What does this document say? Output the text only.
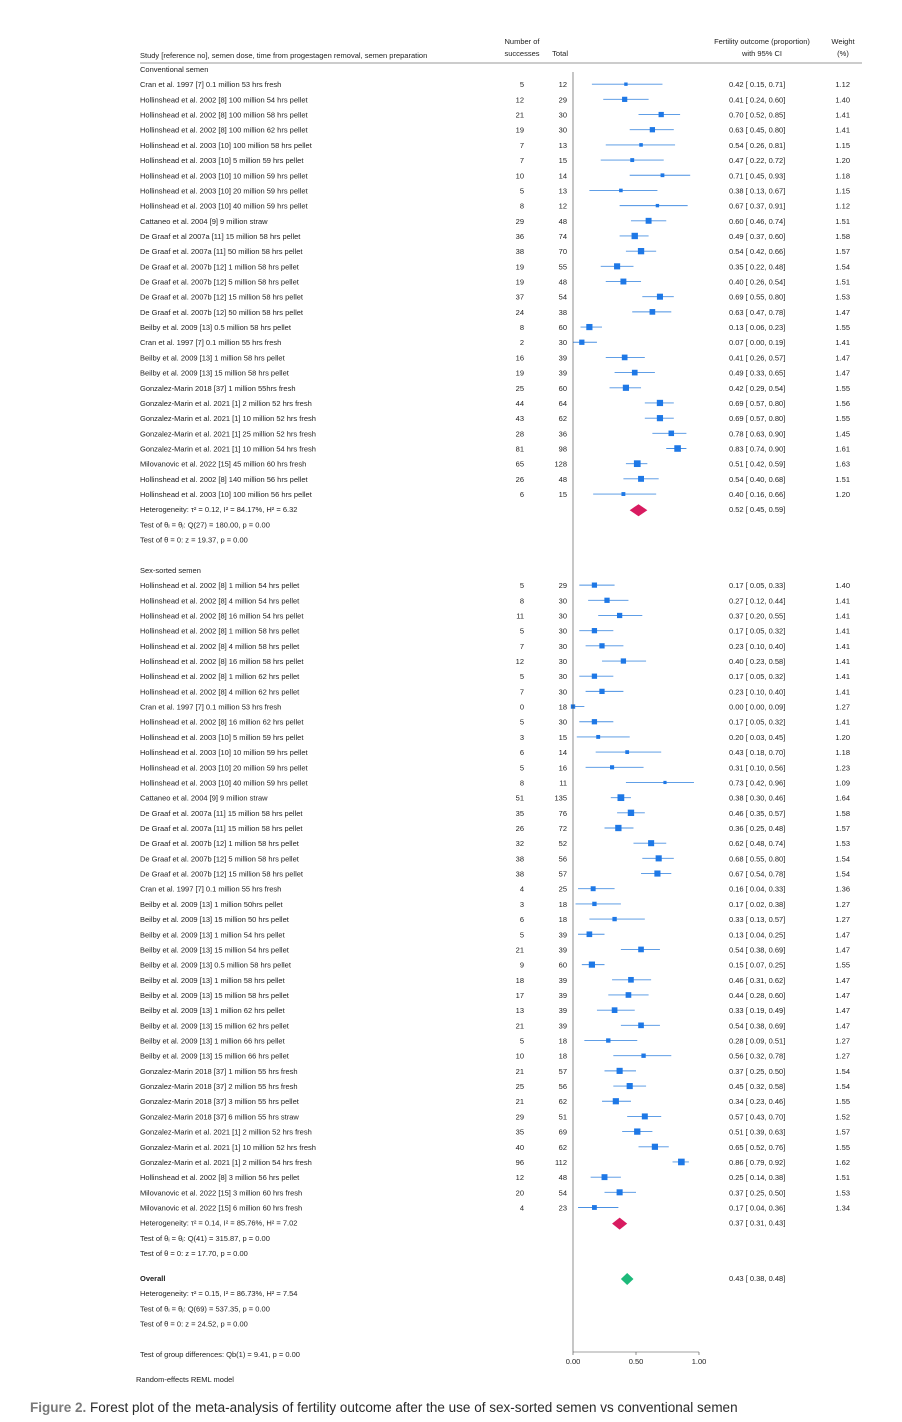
Study [reference no], semen dose, time from progestagen removal, semen preparation
Number of
successes Total
Fertility outcome (proportion)
with 95% CI
Weight
(%)
Conventional semen
Cran et al. 1997 [7] 0.1 million 53 hrs fresh	5	12	0.42 [ 0.15, 0.71]	1.12
Hollinshead et al. 2002 [8] 100 million 54 hrs pellet	12	29	0.41 [ 0.24, 0.60]	1.40
Hollinshead et al. 2002 [8] 100 million 58 hrs pellet	21	30	0.70 [ 0.52, 0.85]	1.41
Hollinshead et al. 2002 [8] 100 million 62 hrs pellet	19	30	0.63 [ 0.45, 0.80]	1.41
Hollinshead et al. 2003 [10] 100 million 58 hrs pellet	7	13	0.54 [ 0.26, 0.81]	1.15
Hollinshead et al. 2003 [10] 5 million 59 hrs pellet	7	15	0.47 [ 0.22, 0.72]	1.20
Hollinshead et al. 2003 [10] 10 million 59 hrs pellet	10	14	0.71 [ 0.45, 0.93]	1.18
Hollinshead et al. 2003 [10] 20 million 59 hrs pellet	5	13	0.38 [ 0.13, 0.67]	1.15
Hollinshead et al. 2003 [10] 40 million 59 hrs pellet	8	12	0.67 [ 0.37, 0.91]	1.12
Cattaneo et al. 2004 [9] 9 million straw	29	48	0.60 [ 0.46, 0.74]	1.51
De Graaf et al 2007a [11] 15 million 58 hrs pellet	36	74	0.49 [ 0.37, 0.60]	1.58
De Graaf et al. 2007a [11] 50 million 58 hrs pellet	38	70	0.54 [ 0.42, 0.66]	1.57
De Graaf et al. 2007b [12] 1 million 58 hrs pellet	19	55	0.35 [ 0.22, 0.48]	1.54
De Graaf et al. 2007b [12] 5 million 58 hrs pellet	19	48	0.40 [ 0.26, 0.54]	1.51
De Graaf et al. 2007b [12] 15 million 58 hrs pellet	37	54	0.69 [ 0.55, 0.80]	1.53
De Graaf et al. 2007b [12] 50 million 58 hrs pellet	24	38	0.63 [ 0.47, 0.78]	1.47
Beilby et al. 2009 [13] 0.5 million 58 hrs pellet	8	60	0.13 [ 0.06, 0.23]	1.55
Cran et al. 1997 [7] 0.1 million 55 hrs fresh	2	30	0.07 [ 0.00, 0.19]	1.41
Beilby et al. 2009 [13] 1 million 58 hrs pellet	16	39	0.41 [ 0.26, 0.57]	1.47
Beilby et al. 2009 [13] 15 million 58 hrs pellet	19	39	0.49 [ 0.33, 0.65]	1.47
Gonzalez-Marin 2018 [37] 1 million 55hrs fresh	25	60	0.42 [ 0.29, 0.54]	1.55
Gonzalez-Marin et al. 2021 [1] 2 million 52 hrs fresh	44	64	0.69 [ 0.57, 0.80]	1.56
Gonzalez-Marin et al. 2021 [1] 10 million 52 hrs fresh	43	62	0.69 [ 0.57, 0.80]	1.55
Gonzalez-Marin et al. 2021 [1] 25 million 52 hrs fresh	28	36	0.78 [ 0.63, 0.90]	1.45
Gonzalez-Marin et al. 2021 [1] 10 million 54 hrs fresh	81	98	0.83 [ 0.74, 0.90]	1.61
Milovanovic et al. 2022 [15] 45 million 60 hrs fresh	65	128	0.51 [ 0.42, 0.59]	1.63
Hollinshead et al. 2002 [8] 140 million 56 hrs pellet	26	48	0.54 [ 0.40, 0.68]	1.51
Hollinshead et al. 2003 [10] 100 million 56 hrs pellet	6	15	0.40 [ 0.16, 0.66]	1.20
Heterogeneity: τ² = 0.12, I² = 84.17%, H² = 6.32	0.52 [ 0.45, 0.59]
Test of θᵢ = θⱼ: Q(27) = 180.00, p = 0.00
Test of θ = 0: z = 19.37, p = 0.00
Sex-sorted semen
Hollinshead et al. 2002 [8] 1 million 54 hrs pellet	5	29	0.17 [ 0.05, 0.33]	1.40
Hollinshead et al. 2002 [8] 4 million 54 hrs pellet	8	30	0.27 [ 0.12, 0.44]	1.41
Hollinshead et al. 2002 [8] 16 million 54 hrs pellet	11	30	0.37 [ 0.20, 0.55]	1.41
Hollinshead et al. 2002 [8] 1 million 58 hrs pellet	5	30	0.17 [ 0.05, 0.32]	1.41
Hollinshead et al. 2002 [8] 4 million 58 hrs pellet	7	30	0.23 [ 0.10, 0.40]	1.41
Hollinshead et al. 2002 [8] 16 million 58 hrs pellet	12	30	0.40 [ 0.23, 0.58]	1.41
Hollinshead et al. 2002 [8] 1 million 62 hrs pellet	5	30	0.17 [ 0.05, 0.32]	1.41
Hollinshead et al. 2002 [8] 4 million 62 hrs pellet	7	30	0.23 [ 0.10, 0.40]	1.41
Cran et al. 1997 [7] 0.1 million 53 hrs fresh	0	18	0.00 [ 0.00, 0.09]	1.27
Hollinshead et al. 2002 [8] 16 million 62 hrs pellet	5	30	0.17 [ 0.05, 0.32]	1.41
Hollinshead et al. 2003 [10] 5 million 59 hrs pellet	3	15	0.20 [ 0.03, 0.45]	1.20
Hollinshead et al. 2003 [10] 10 million 59 hrs pellet	6	14	0.43 [ 0.18, 0.70]	1.18
Hollinshead et al. 2003 [10] 20 million 59 hrs pellet	5	16	0.31 [ 0.10, 0.56]	1.23
Hollinshead et al. 2003 [10] 40 million 59 hrs pellet	8	11	0.73 [ 0.42, 0.96]	1.09
Cattaneo et al. 2004 [9] 9 million straw	51	135	0.38 [ 0.30, 0.46]	1.64
De Graaf et al. 2007a [11] 15 million 58 hrs pellet	35	76	0.46 [ 0.35, 0.57]	1.58
De Graaf et al. 2007a [11] 15 million 58 hrs pellet	26	72	0.36 [ 0.25, 0.48]	1.57
De Graaf et al. 2007b [12] 1 million 58 hrs pellet	32	52	0.62 [ 0.48, 0.74]	1.53
De Graaf et al. 2007b [12] 5 million 58 hrs pellet	38	56	0.68 [ 0.55, 0.80]	1.54
De Graaf et al. 2007b [12] 15 million 58 hrs pellet	38	57	0.67 [ 0.54, 0.78]	1.54
Cran et al. 1997 [7] 0.1 million 55 hrs fresh	4	25	0.16 [ 0.04, 0.33]	1.36
Beilby et al. 2009 [13] 1 million 50hrs pellet	3	18	0.17 [ 0.02, 0.38]	1.27
Beilby et al. 2009 [13] 15 million 50 hrs pellet	6	18	0.33 [ 0.13, 0.57]	1.27
Beilby et al. 2009 [13] 1 million 54 hrs pellet	5	39	0.13 [ 0.04, 0.25]	1.47
Beilby et al. 2009 [13] 15 million 54 hrs pellet	21	39	0.54 [ 0.38, 0.69]	1.47
Beilby et al. 2009 [13] 0.5 million 58 hrs pellet	9	60	0.15 [ 0.07, 0.25]	1.55
Beilby et al. 2009 [13] 1 million 58 hrs pellet	18	39	0.46 [ 0.31, 0.62]	1.47
Beilby et al. 2009 [13] 15 million 58 hrs pellet	17	39	0.44 [ 0.28, 0.60]	1.47
Beilby et al. 2009 [13] 1 million 62 hrs pellet	13	39	0.33 [ 0.19, 0.49]	1.47
Beilby et al. 2009 [13] 15 million 62 hrs pellet	21	39	0.54 [ 0.38, 0.69]	1.47
Beilby et al. 2009 [13] 1 million 66 hrs pellet	5	18	0.28 [ 0.09, 0.51]	1.27
Beilby et al. 2009 [13] 15 million 66 hrs pellet	10	18	0.56 [ 0.32, 0.78]	1.27
Gonzalez-Marin 2018 [37] 1 million 55 hrs fresh	21	57	0.37 [ 0.25, 0.50]	1.54
Gonzalez-Marin 2018 [37] 2 million 55 hrs fresh	25	56	0.45 [ 0.32, 0.58]	1.54
Gonzalez-Marin 2018 [37] 3 million 55 hrs pellet	21	62	0.34 [ 0.23, 0.46]	1.55
Gonzalez-Marin 2018 [37] 6 million 55 hrs straw	29	51	0.57 [ 0.43, 0.70]	1.52
Gonzalez-Marin et al. 2021 [1] 2 million 52 hrs fresh	35	69	0.51 [ 0.39, 0.63]	1.57
Gonzalez-Marin et al. 2021 [1] 10 million 52 hrs fresh	40	62	0.65 [ 0.52, 0.76]	1.55
Gonzalez-Marin et al. 2021 [1] 2 million 54 hrs fresh	96	112	0.86 [ 0.79, 0.92]	1.62
Hollinshead et al. 2002 [8] 3 million 56 hrs pellet	12	48	0.25 [ 0.14, 0.38]	1.51
Milovanovic et al. 2022 [15] 3 million 60 hrs fresh	20	54	0.37 [ 0.25, 0.50]	1.53
Milovanovic et al. 2022 [15] 6 million 60 hrs fresh	4	23	0.17 [ 0.04, 0.36]	1.34
Heterogeneity: τ² = 0.14, I² = 85.76%, H² = 7.02	0.37 [ 0.31, 0.43]
Test of θᵢ = θⱼ: Q(41) = 315.87, p = 0.00
Test of θ = 0: z = 17.70, p = 0.00
Overall	0.43 [ 0.38, 0.48]
Heterogeneity: τ² = 0.15, I² = 86.73%, H² = 7.54
Test of θᵢ = θⱼ: Q(69) = 537.35, p = 0.00
Test of θ = 0: z = 24.52, p = 0.00
Test of group differences: Qb(1) = 9.41, p = 0.00
0.00	0.50	1.00
Random-effects REML model
Figure 2. Forest plot of the meta-analysis of fertility outcome after the use of sex-sorted semen vs conventional semen
